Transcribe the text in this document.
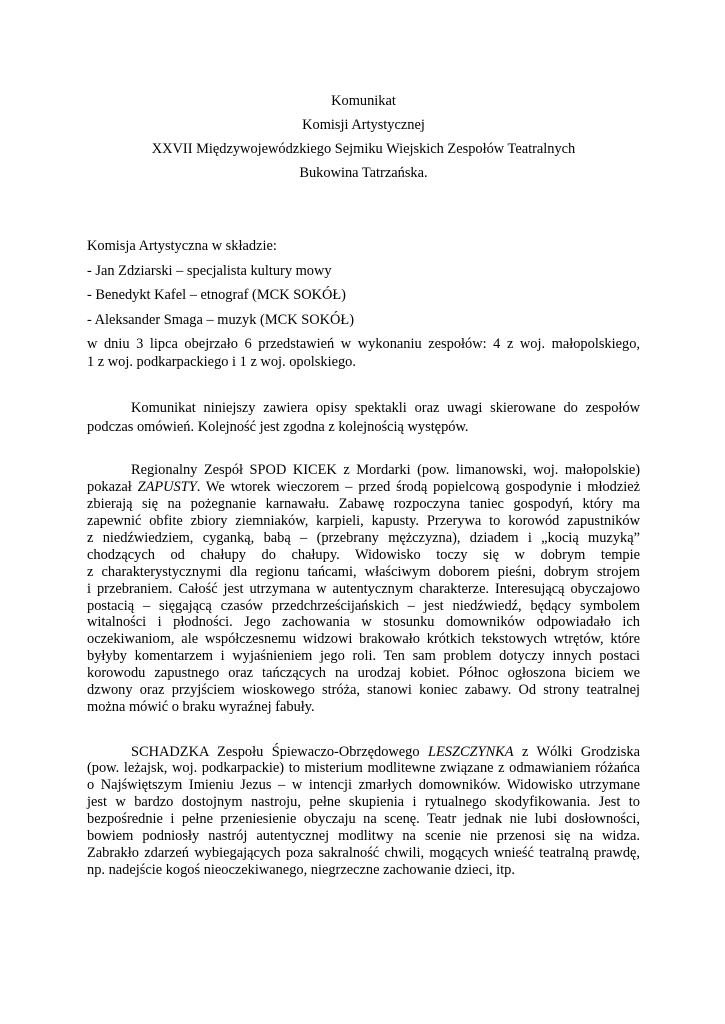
Komunikat
Komisji Artystycznej
XXVII Międzywojewódzkiego Sejmiku Wiejskich Zespołów Teatralnych
Bukowina Tatrzańska.
Komisja Artystyczna w składzie:
- Jan Zdziarski – specjalista kultury mowy
- Benedykt Kafel – etnograf (MCK SOKÓŁ)
- Aleksander Smaga – muzyk (MCK SOKÓŁ)
w dniu 3 lipca obejrzało 6 przedstawień w wykonaniu zespołów: 4 z woj. małopolskiego,
1 z woj. podkarpackiego i 1 z woj. opolskiego.
Komunikat niniejszy zawiera opisy spektakli oraz uwagi skierowane do zespołów
podczas omówień. Kolejność jest zgodna z kolejnością występów.
Regionalny Zespół SPOD KICEK z Mordarki (pow. limanowski, woj. małopolskie)
pokazał ZAPUSTY. We wtorek wieczorem – przed środą popielcową gospodynie i młodzież
zbierają się na pożegnanie karnawału. Zabawę rozpoczyna taniec gospodyń, który ma
zapewnić obfite zbiory ziemniaków, karpieli, kapusty. Przerywa to korowód zapustników
z niedźwiedziem, cyganką, babą – (przebrany mężczyzna), dziadem i „kocią muzyką”
chodzących od chałupy do chałupy. Widowisko toczy się w dobrym tempie
z charakterystycznymi dla regionu tańcami, właściwym doborem pieśni, dobrym strojem
i przebraniem. Całość jest utrzymana w autentycznym charakterze. Interesującą obyczajowo
postacią – sięgającą czasów przedchrześcijańskich – jest niedźwiedź, będący symbolem
witalności i płodności. Jego zachowania w stosunku domowników odpowiadało ich
oczekiwaniom, ale współczesnemu widzowi brakowało krótkich tekstowych wtrętów, które
byłyby komentarzem i wyjaśnieniem jego roli. Ten sam problem dotyczy innych postaci
korowodu zapustnego oraz tańczących na urodzaj kobiet. Północ ogłoszona biciem we
dzwony oraz przyjściem wioskowego stróża, stanowi koniec zabawy. Od strony teatralnej
można mówić o braku wyraźnej fabuły.
SCHADZKA Zespołu Śpiewaczo-Obrzędowego LESZCZYNKA z Wólki Grodziska
(pow. leżajsk, woj. podkarpackie) to misterium modlitewne związane z odmawianiem różańca
o Najświętszym Imieniu Jezus – w intencji zmarłych domowników. Widowisko utrzymane
jest w bardzo dostojnym nastroju, pełne skupienia i rytualnego skodyfikowania. Jest to
bezpośrednie i pełne przeniesienie obyczaju na scenę. Teatr jednak nie lubi dosłowności,
bowiem podniosły nastrój autentycznej modlitwy na scenie nie przenosi się na widza.
Zabrakło zdarzeń wybiegających poza sakralność chwili, mogących wnieść teatralną prawdę,
np. nadejście kogoś nieoczekiwanego, niegrzeczne zachowanie dzieci, itp.
